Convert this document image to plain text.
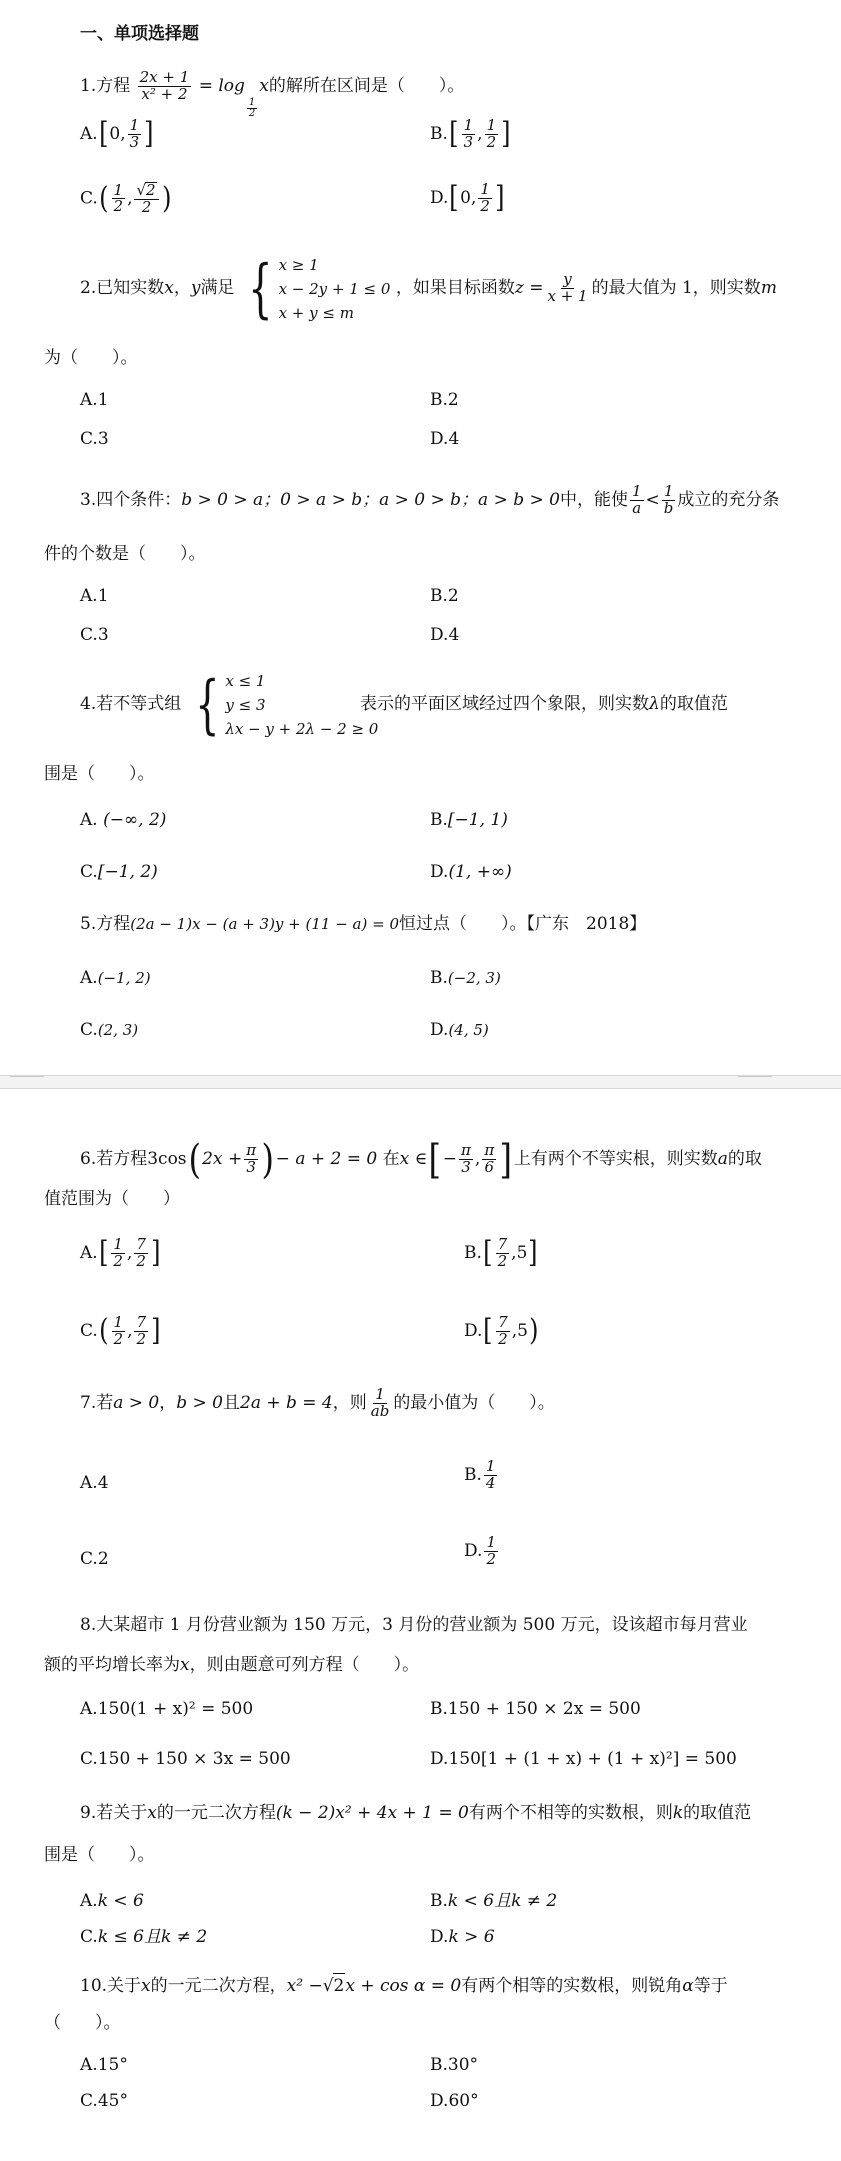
一、单项选择题
1.方程 $\frac{2x + 1}{\text{x² + 2}} = \log$
$\frac{1}{2}$
x的解所在区间是（　　）。
A.[0, $\frac{1}{3}$ ]	$B.[ \frac{1}{3}$ , $\frac{1}{2}$ ]
$C.( \frac{1}{2}$ , $\frac{√2}{2}$ )	D.[0, $\frac{1}{2}$ ]
2.已知实数x，y满足 { x ≥ 1
x − 2y + 1 ≤ 0
x + y ≤ m
，如果目标函数$z = \frac{y}{x + 1}$ 的最大值为 1，则实数m
为（　　）。
A.1	B.2
C.3	D.4
3.四个条件：b > 0 > a；0 > a > b；a > 0 > b；a > b > 0中，能使 $\frac{1}{a} < \frac{1}{b}$ 成立的充分条
件的个数是（　　）。
A.1	B.2
C.3	D.4
4.若不等式组 { x ≤ 1
y ≤ 3
λx − y + 2λ − 2 ≥ 0
表示的平面区域经过四个象限，则实数λ的取值范
围是（　　）。
A. (−∞, 2)	B.[−1, 1)
C.[−1, 2)	D.(1, +∞)
5.方程(2a − 1)x − (a + 3)y + (11 − a) = 0恒过点（　　）。【广东　2018】
A.(−1, 2)	B.(−2, 3)
C.(2, 3)	D.(4, 5)
6.若方程$3\cos(2x + \frac{\pi}{3}$ )− a + 2 = 0 在x ∈[− $\frac{\pi}{3}$ , $\frac{\pi}{6}$ ]上有两个不等实根，则实数a的取
值范围为（　　）
$A.[ \frac{1}{2}$ , $\frac{7}{2}$ ]	$B.[ \frac{7}{2} ,5]$
$C.( \frac{1}{2}$ , $\frac{7}{2}$ ]	$D.[ \frac{7}{2} ,5)$
7.若a > 0，b > 0且2a + b = 4，则 $\frac{1}{ab}$ 的最小值为（　　）。
A.4	B. $\frac{1}{4}$
C.2	D. $\frac{1}{2}$
8.大某超市 1 月份营业额为 150 万元，3 月份的营业额为 500 万元，设该超市每月营业
额的平均增长率为x，则由题意可列方程（　　）。
A.150(1 + x)² = 500	B.150 + 150 × 2x = 500
C.150 + 150 × 3x = 500	D.150[1 + (1 + x) + (1 + x)²] = 500
9.若关于x的一元二次方程(k − 2)x² + 4x + 1 = 0有两个不相等的实数根，则k的取值范
围是（　　）。
A.k < 6	B.k < 6且k ≠ 2
C.k ≤ 6且k ≠ 2	D.k > 6
10.关于x的一元二次方程，x² −√2x + cos α = 0有两个相等的实数根，则锐角α等于
（　　）。
A.15°	B.30°
C.45°	D.60°
